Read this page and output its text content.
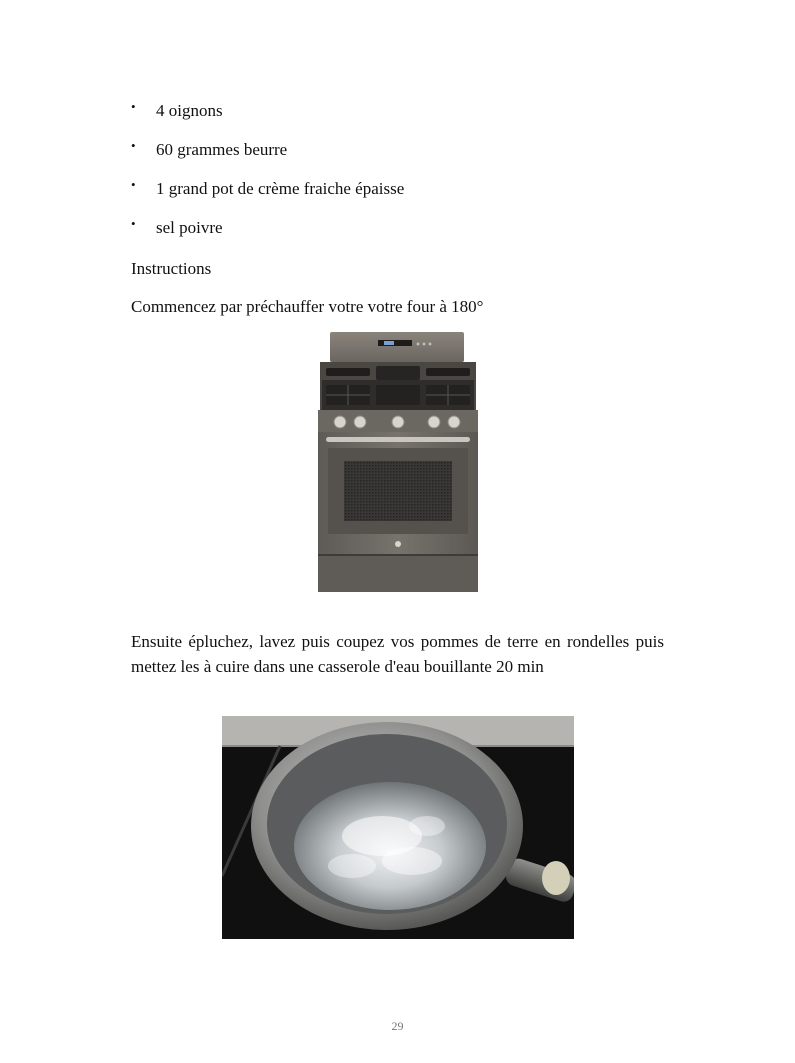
• 4 oignons
• 60 grammes beurre
• 1 grand pot de crème fraiche épaisse
• sel poivre
Instructions
Commencez par préchauffer votre votre four à 180°
Ensuite épluchez, lavez puis coupez vos pommes de terre en rondelles puis mettez les à cuire dans une casserole d'eau bouillante 20 min
29
